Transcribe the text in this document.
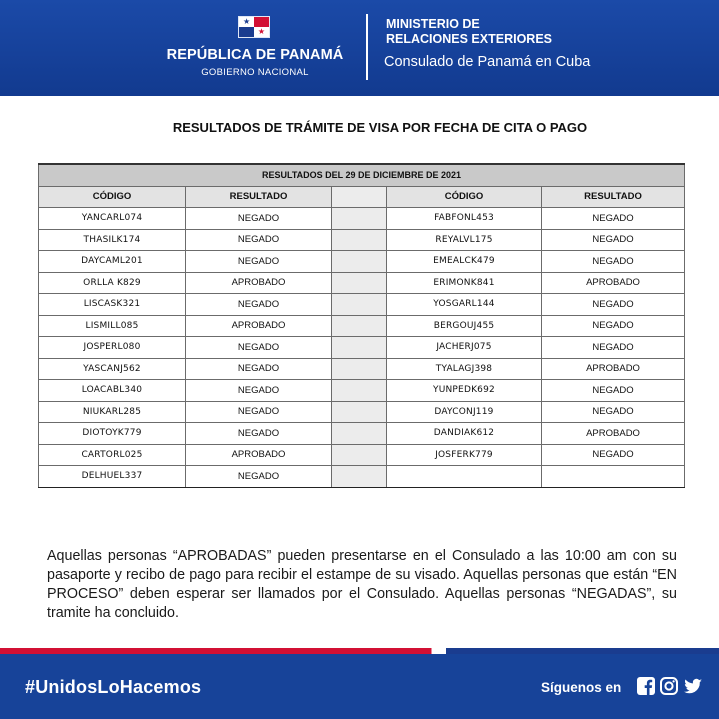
★
★
REPÚBLICA DE PANAMÁ
GOBIERNO NACIONAL
MINISTERIO DE
RELACIONES EXTERIORES
Consulado de Panamá en Cuba
RESULTADOS DE TRÁMITE DE VISA POR FECHA DE CITA O PAGO
RESULTADOS DEL 29 DE DICIEMBRE DE 2021				
CÓDIGO	RESULTADO		CÓDIGO	RESULTADO
YANCARL074	NEGADO		FABFONL453	NEGADO
THASILK174	NEGADO		REYALVL175	NEGADO
DAYCAML201	NEGADO		EMEALCK479	NEGADO
ORLLA K829	APROBADO		ERIMONK841	APROBADO
LISCASK321	NEGADO		YOSGARL144	NEGADO
LISMILL085	APROBADO		BERGOUJ455	NEGADO
JOSPERL080	NEGADO		JACHERJ075	NEGADO
YASCANJ562	NEGADO		TYALAGJ398	APROBADO
LOACABL340	NEGADO		YUNPEDK692	NEGADO
NIUKARL285	NEGADO		DAYCONJ119	NEGADO
DIOTOYK779	NEGADO		DANDIAK612	APROBADO
CARTORL025	APROBADO		JOSFERK779	NEGADO
DELHUEL337	NEGADO			
Aquellas personas “APROBADAS” pueden presentarse en el Consulado a las 10:00 am con su pasaporte y recibo de pago para recibir el estampe de su visado. Aquellas personas que están “EN PROCESO” deben esperar ser llamados por el Consulado. Aquellas personas “NEGADAS”, su tramite ha concluido.
#UnidosLoHacemos	Síguenos en
